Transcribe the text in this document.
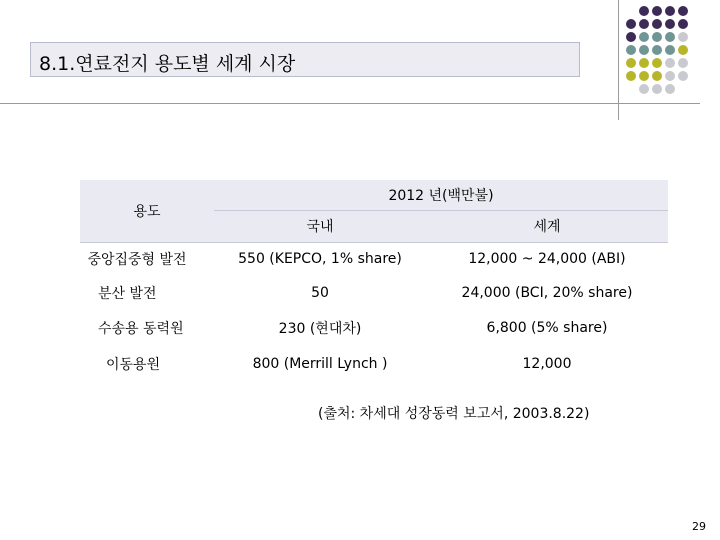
8.1.연료전지 용도별 세계 시장
용도
2012 년(백만불)
국내	세계
중앙집중형 발전	550 (KEPCO, 1% share)	12,000 ~ 24,000 (ABI)
분산 발전	50	24,000 (BCI, 20% share)
수송용 동력원	230 (현대차)	6,800 (5% share)
이동용원	800 (Merrill Lynch )	12,000
(출처: 차세대 성장동력 보고서, 2003.8.22)
29
